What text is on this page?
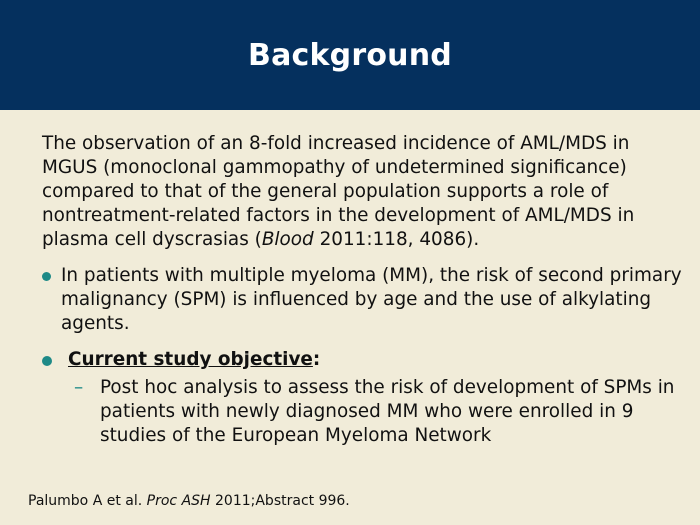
Background

The observation of an 8-fold increased incidence of AML/MDS in MGUS (monoclonal gammopathy of undetermined significance) compared to that of the general population supports a role of nontreatment-related factors in the development of AML/MDS in plasma cell dyscrasias (Blood 2011:118, 4086).

In patients with multiple myeloma (MM), the risk of second primary malignancy (SPM) is influenced by age and the use of alkylating agents.
Current study objective:
– Post hoc analysis to assess the risk of development of SPMs in patients with newly diagnosed MM who were enrolled in 9 studies of the European Myeloma Network
Palumbo A et al. Proc ASH 2011;Abstract 996.
